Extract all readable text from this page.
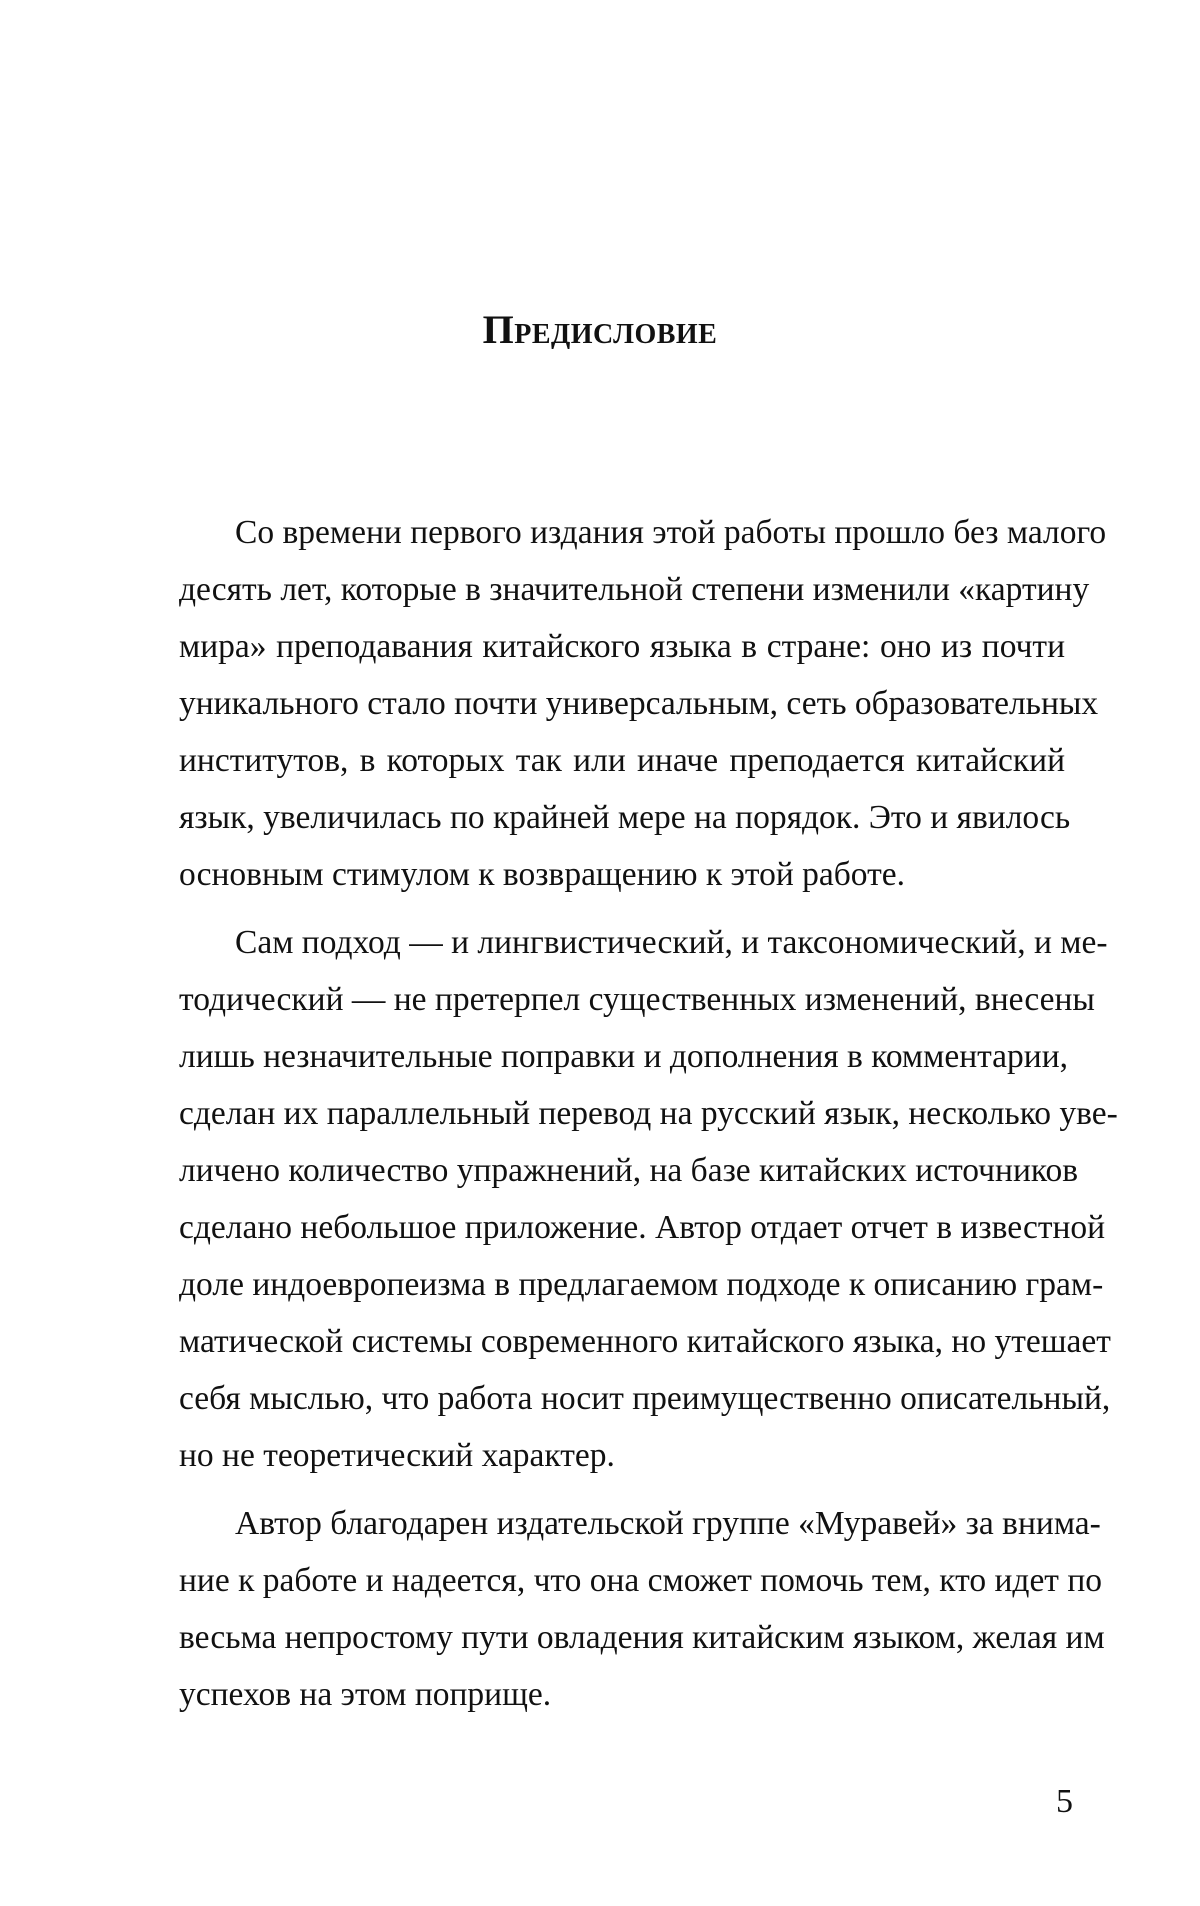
Предисловие
Со времени первого издания этой работы прошло без малого
десять лет, которые в значительной степени изменили «картину
мира» преподавания китайского языка в стране: оно из почти
уникального стало почти универсальным, сеть образовательных
институтов, в которых так или иначе преподается китайский
язык, увеличилась по крайней мере на порядок. Это и явилось
основным стимулом к возвращению к этой работе.
Сам подход — и лингвистический, и таксономический, и ме-
тодический — не претерпел существенных изменений, внесены
лишь незначительные поправки и дополнения в комментарии,
сделан их параллельный перевод на русский язык, несколько уве-
личено количество упражнений, на базе китайских источников
сделано небольшое приложение. Автор отдает отчет в известной
доле индоевропеизма в предлагаемом подходе к описанию грам-
матической системы современного китайского языка, но утешает
себя мыслью, что работа носит преимущественно описательный,
но не теоретический характер.
Автор благодарен издательской группе «Муравей» за внима-
ние к работе и надеется, что она сможет помочь тем, кто идет по
весьма непростому пути овладения китайским языком, желая им
успехов на этом поприще.
5
